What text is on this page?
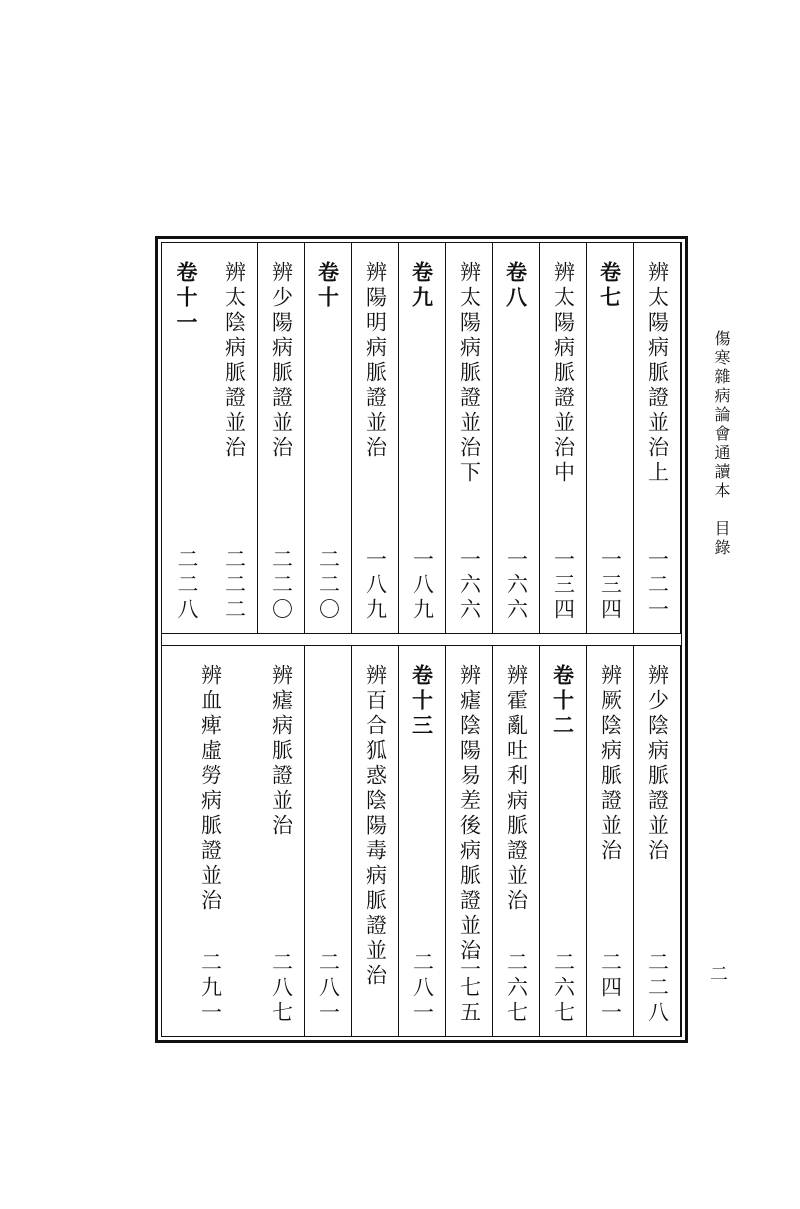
傷寒雜病論會通讀本　目錄
二
辨太陽病脈證並治上
一二一
卷七
一三四
辨太陽病脈證並治中
一三四
卷八
一六六
辨太陽病脈證並治下
一六六
卷九
一八九
辨陽明病脈證並治
一八九
卷十
二二〇
辨少陽病脈證並治
二二〇
辨太陰病脈證並治
二二二
卷十一
二二八
辨少陰病脈證並治
二二八
辨厥陰病脈證並治
二四一
卷十二
二六七
辨霍亂吐利病脈證並治
二六七
辨瘧陰陽易差後病脈證並治
二七五
卷十三
二八一
辨百合狐惑陰陽毒病脈證並治
二八一
辨瘧病脈證並治
二八七
辨血痺虛勞病脈證並治
二九一
